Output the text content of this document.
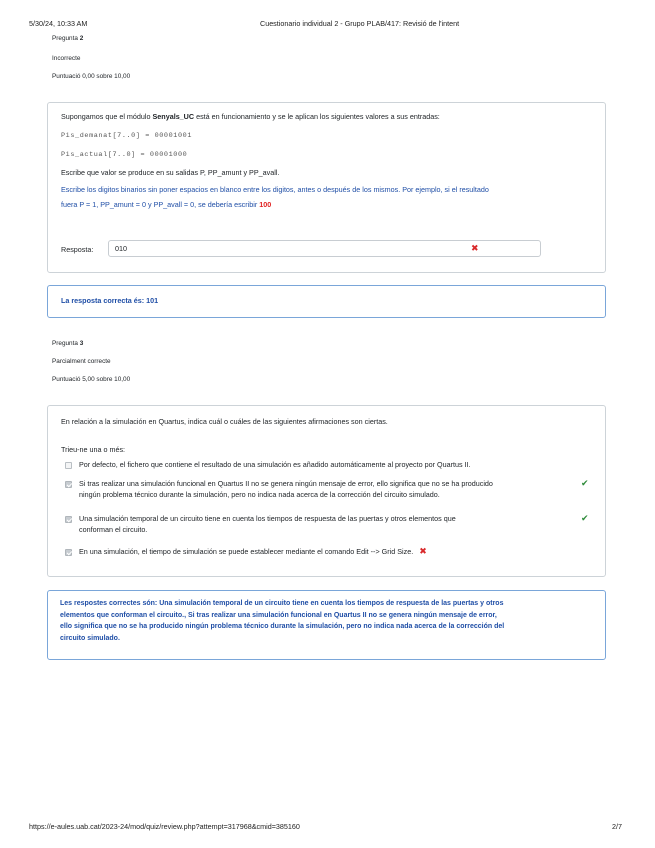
5/30/24, 10:33 AM	Cuestionario individual 2 - Grupo PLAB/417: Revisió de l'intent
Pregunta 2
Incorrecte
Puntuació 0,00 sobre 10,00
Supongamos que el módulo Senyals_UC está en funcionamiento y se le aplican los siguientes valores a sus entradas:
Pis_demanat[7..0] = 00001001
Pis_actual[7..0] = 00001000
Escribe que valor se produce en su salidas P, PP_amunt y PP_avall.
Escribe los digitos binarios sin poner espacios en blanco entre los digitos, antes o después de los mismos. Por ejemplo, si el resultado
fuera P = 1, PP_amunt = 0 y PP_avall = 0, se debería escribir 100
Resposta:	010	✖
La resposta correcta és: 101
Pregunta 3
Parcialment correcte
Puntuació 5,00 sobre 10,00
En relación a la simulación en Quartus, indica cuál o cuáles de las siguientes afirmaciones son ciertas.
Trieu-ne una o més:
Por defecto, el fichero que contiene el resultado de una simulación es añadido automáticamente al proyecto por Quartus II.
Si tras realizar una simulación funcional en Quartus II no se genera ningún mensaje de error, ello significa que no se ha producido
ningún problema técnico durante la simulación, pero no indica nada acerca de la corrección del circuito simulado.
✔
Una simulación temporal de un circuito tiene en cuenta los tiempos de respuesta de las puertas y otros elementos que
conforman el circuito.
✔
En una simulación, el tiempo de simulación se puede establecer mediante el comando Edit --> Grid Size. ✖
Les respostes correctes són: Una simulación temporal de un circuito tiene en cuenta los tiempos de respuesta de las puertas y otros
elementos que conforman el circuito., Si tras realizar una simulación funcional en Quartus II no se genera ningún mensaje de error,
ello significa que no se ha producido ningún problema técnico durante la simulación, pero no indica nada acerca de la corrección del
circuito simulado.
https://e-aules.uab.cat/2023-24/mod/quiz/review.php?attempt=317968&cmid=385160	2/7
